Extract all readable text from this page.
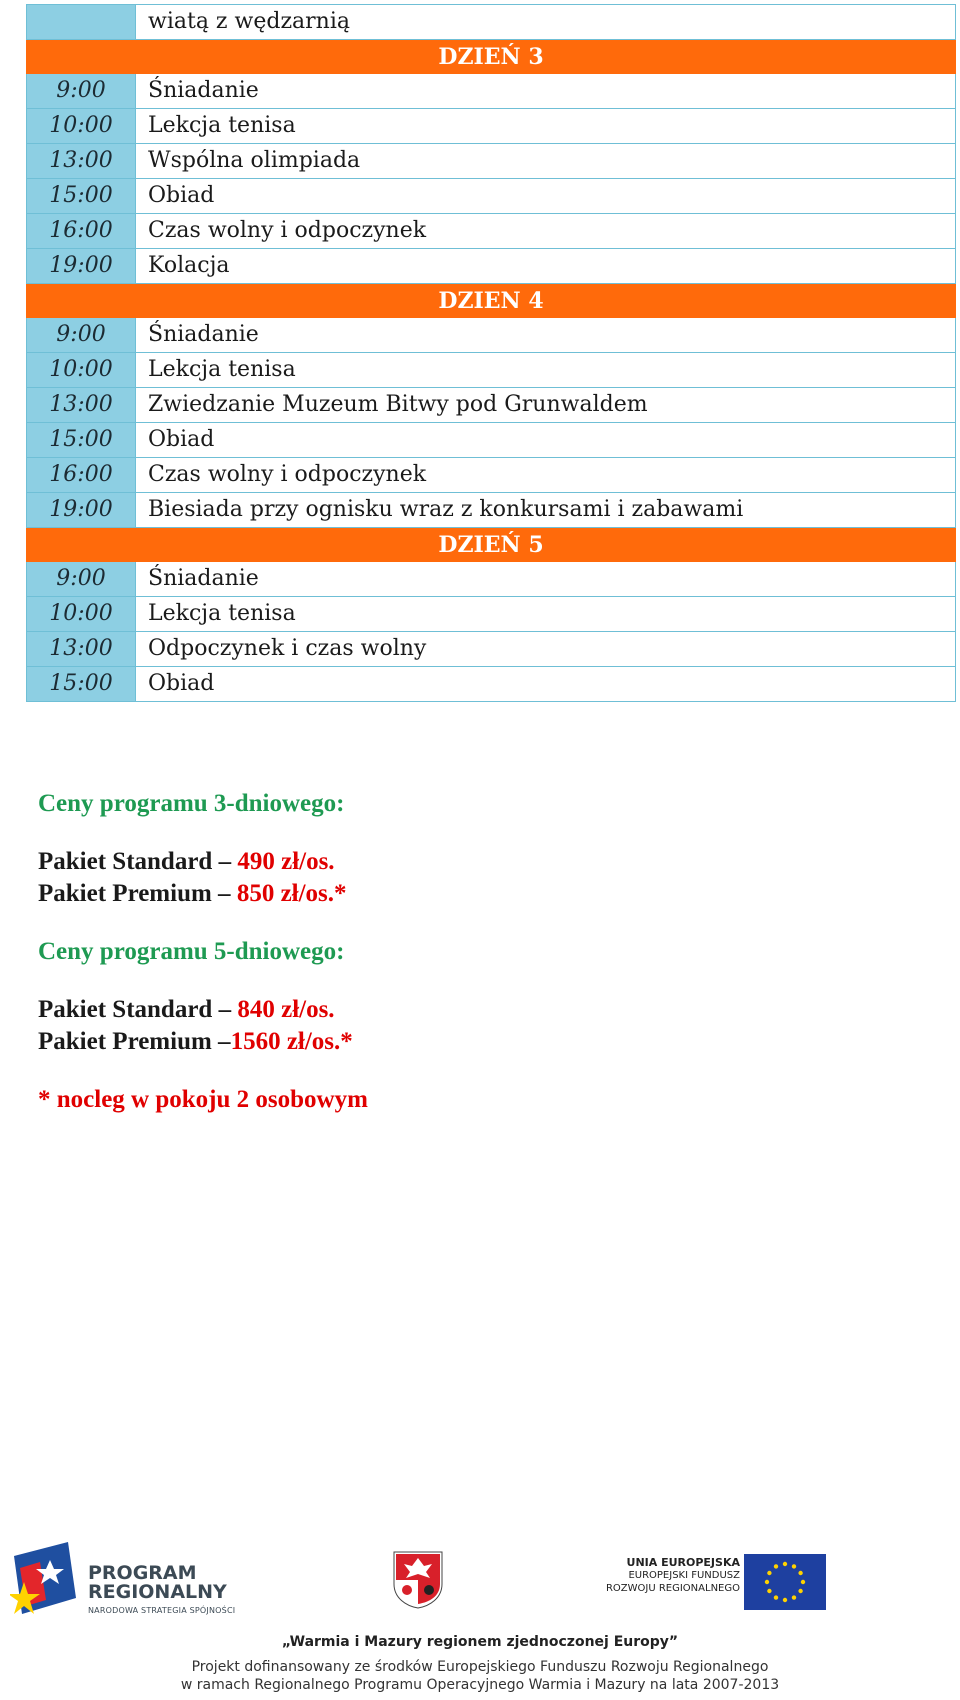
	wiatą z wędzarnią
DZIEŃ 3	
9:00	Śniadanie
10:00	Lekcja tenisa
13:00	Wspólna olimpiada
15:00	Obiad
16:00	Czas wolny i odpoczynek
19:00	Kolacja
DZIEN 4	
9:00	Śniadanie
10:00	Lekcja tenisa
13:00	Zwiedzanie Muzeum Bitwy pod Grunwaldem
15:00	Obiad
16:00	Czas wolny i odpoczynek
19:00	Biesiada przy ognisku wraz z konkursami i zabawami
DZIEŃ 5	
9:00	Śniadanie
10:00	Lekcja tenisa
13:00	Odpoczynek i czas wolny
15:00	Obiad

Ceny programu 3-dniowego:

Pakiet Standard – 490 zł/os.

Pakiet Premium – 850 zł/os.*

Ceny programu 5-dniowego:

Pakiet Standard – 840 zł/os.

Pakiet Premium –1560 zł/os.*

* nocleg w pokoju 2 osobowym

PROGRAM
REGIONALNY
NARODOWA STRATEGIA SPÓJNOŚCI
UNIA EUROPEJSKA
EUROPEJSKI FUNDUSZ
ROZWOJU REGIONALNEGO
„Warmia i Mazury regionem zjednoczonej Europy”
Projekt dofinansowany ze środków Europejskiego Funduszu Rozwoju Regionalnego
w ramach Regionalnego Programu Operacyjnego Warmia i Mazury na lata 2007-2013
